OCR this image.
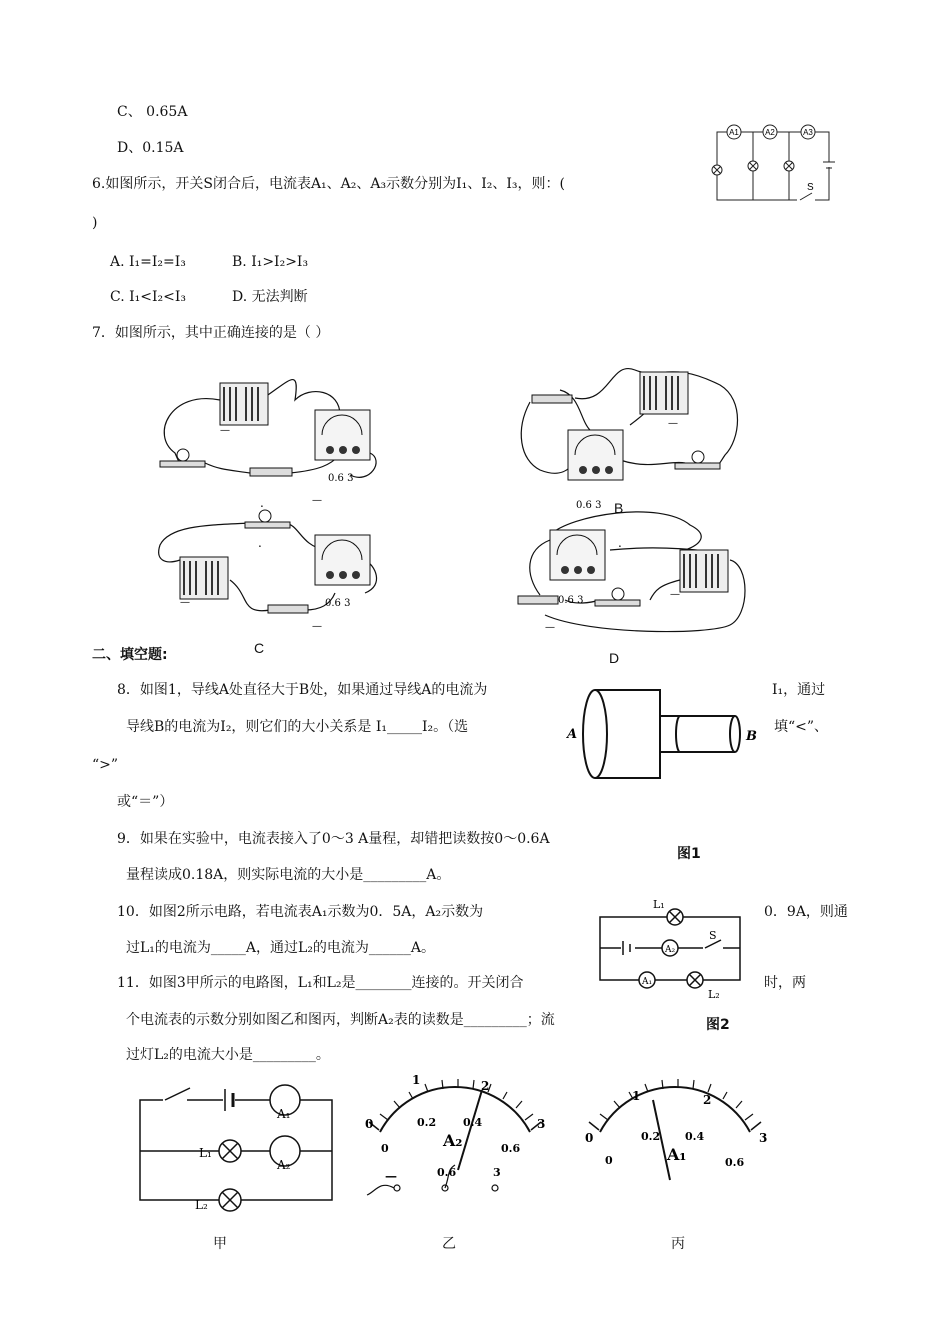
C、 0.65A
D、0.15A
A1	A2	A3
S
6.如图所示，开关S闭合后，电流表A₁、A₂、A₃示数分别为I₁、I₂、I₃，则：(
)
A. I₁=I₂=I₃	B. I₁>I₂>I₃
C. I₁<I₂<I₃	D. 无法判断
7．如图所示，其中正确连接的是（ ）
—
0.6 3
—
.
—
0.6 3 B
—	0.6 3
—
.
C
0.6 3
—
—
.
D
二、填空题:
8．如图1，导线A处直径大于B处，如果通过导线A的电流为	I₁，通过
导线B的电流为I₂，则它们的大小关系是 I₁_____I₂。（选	填“<”、
“>”
或“＝”）
A	B
图1
9．如果在实验中，电流表接入了0～3 A量程，却错把读数按0～0.6A
量程读成0.18A，则实际电流的大小是_________A。
10．如图2所示电路，若电流表A₁示数为0．5A，A₂示数为	0．9A，则通
过L₁的电流为_____A，通过L₂的电流为______A。
L₁
A₂
S
A₁
L₂
图2
11．如图3甲所示的电路图，L₁和L₂是________连接的。开关闭合	时，两
个电流表的示数分别如图乙和图丙，判断A₂表的读数是_________；流
过灯L₂的电流大小是_________。
A₁
A₂
L₁
L₂
甲
0
1	2
3
0
0.2 0.4
0.6
A₂
—	0.6	3
乙
0
1	2
3
0
0.2 0.4
0.6
A₁
丙
